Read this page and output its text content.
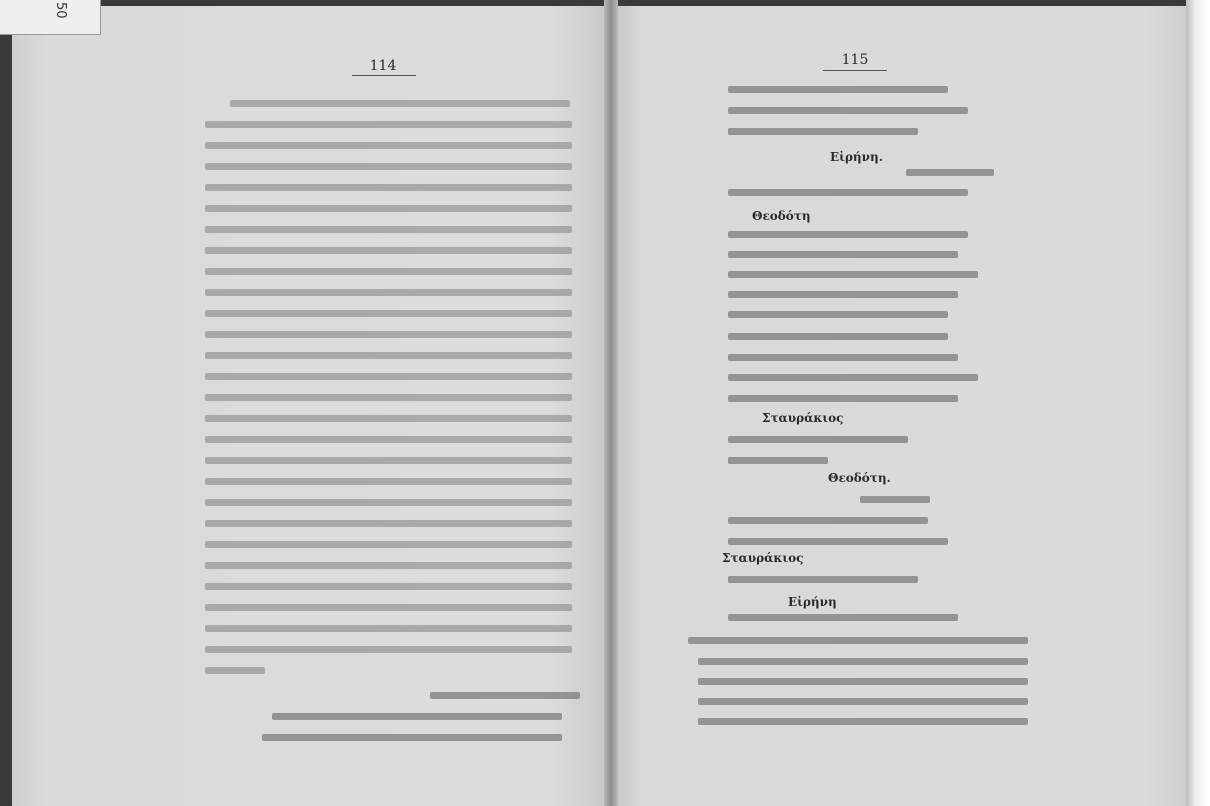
50
114	115
Εἰρήνη.
Θεοδότη
Σταυράκιος
Θεοδότη.
Σταυράκιος
Εἰρήνη
